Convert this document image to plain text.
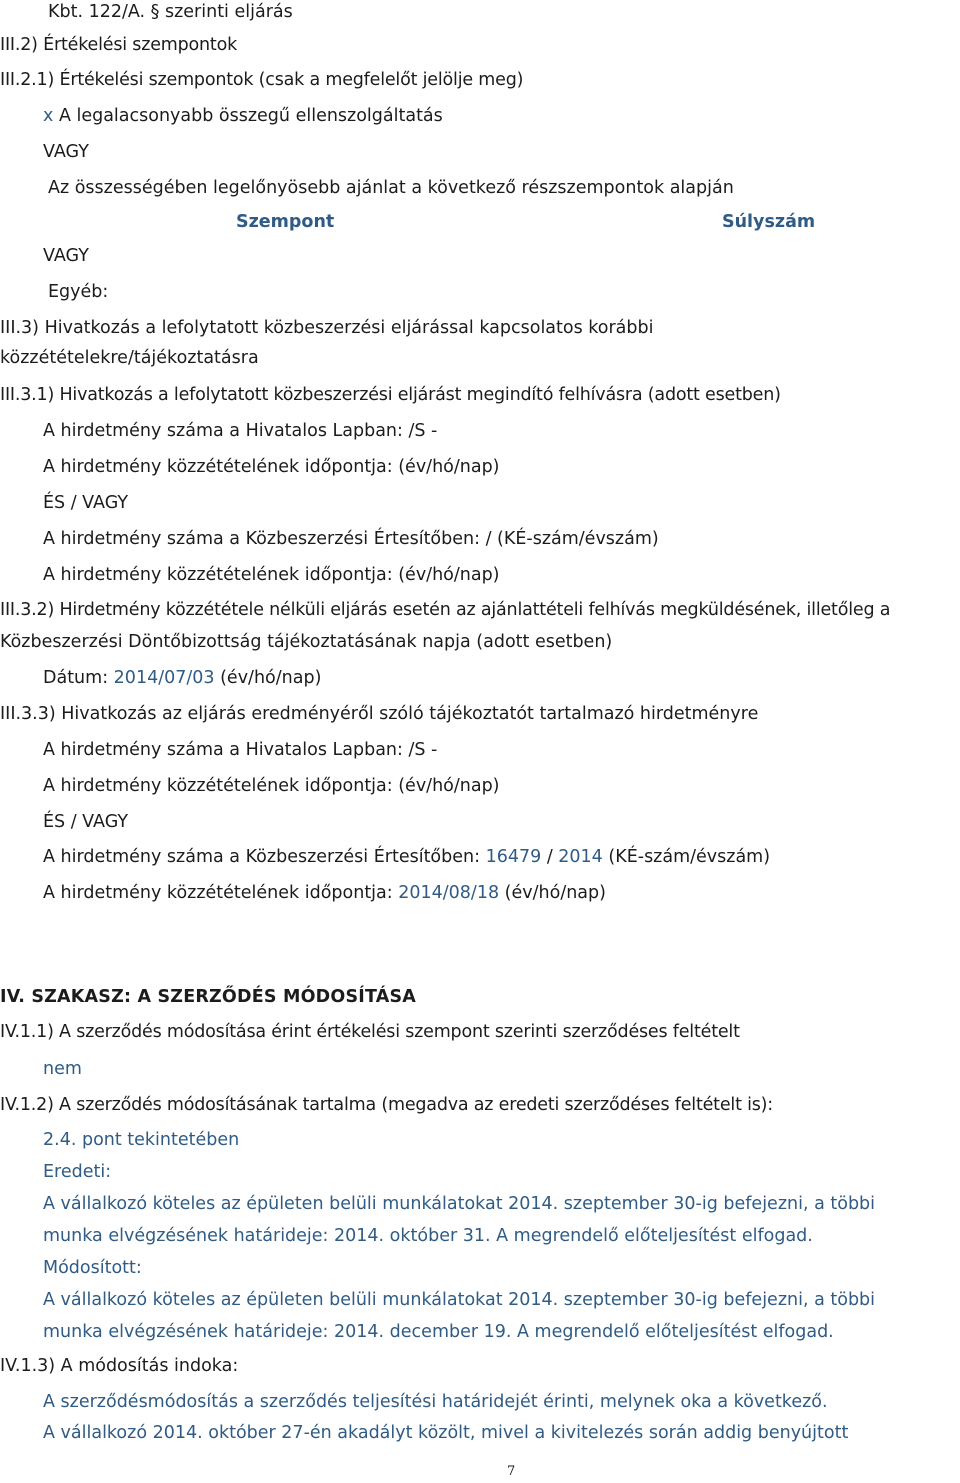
Kbt. 122/A. § szerinti eljárás
III.2) Értékelési szempontok
III.2.1) Értékelési szempontok (csak a megfelelőt jelölje meg)
x A legalacsonyabb összegű ellenszolgáltatás
VAGY
Az összességében legelőnyösebb ajánlat a következő részszempontok alapján
Szempont	Súlyszám
VAGY
Egyéb:
III.3) Hivatkozás a lefolytatott közbeszerzési eljárással kapcsolatos korábbi
közzétételekre/tájékoztatásra
III.3.1) Hivatkozás a lefolytatott közbeszerzési eljárást megindító felhívásra (adott esetben)
A hirdetmény száma a Hivatalos Lapban: /S -
A hirdetmény közzétételének időpontja: (év/hó/nap)
ÉS / VAGY
A hirdetmény száma a Közbeszerzési Értesítőben: / (KÉ-szám/évszám)
A hirdetmény közzétételének időpontja: (év/hó/nap)
III.3.2) Hirdetmény közzététele nélküli eljárás esetén az ajánlattételi felhívás megküldésének, illetőleg a
Közbeszerzési Döntőbizottság tájékoztatásának napja (adott esetben)
Dátum: 2014/07/03 (év/hó/nap)
III.3.3) Hivatkozás az eljárás eredményéről szóló tájékoztatót tartalmazó hirdetményre
A hirdetmény száma a Hivatalos Lapban: /S -
A hirdetmény közzétételének időpontja: (év/hó/nap)
ÉS / VAGY
A hirdetmény száma a Közbeszerzési Értesítőben: 16479 / 2014 (KÉ-szám/évszám)
A hirdetmény közzétételének időpontja: 2014/08/18 (év/hó/nap)
IV. SZAKASZ: A SZERZŐDÉS MÓDOSÍTÁSA
IV.1.1) A szerződés módosítása érint értékelési szempont szerinti szerződéses feltételt
nem
IV.1.2) A szerződés módosításának tartalma (megadva az eredeti szerződéses feltételt is):
2.4. pont tekintetében
Eredeti:
A vállalkozó köteles az épületen belüli munkálatokat 2014. szeptember 30-ig befejezni, a többi
munka elvégzésének határideje: 2014. október 31. A megrendelő előteljesítést elfogad.
Módosított:
A vállalkozó köteles az épületen belüli munkálatokat 2014. szeptember 30-ig befejezni, a többi
munka elvégzésének határideje: 2014. december 19. A megrendelő előteljesítést elfogad.
IV.1.3) A módosítás indoka:
A szerződésmódosítás a szerződés teljesítési határidejét érinti, melynek oka a következő.
A vállalkozó 2014. október 27-én akadályt közölt, mivel a kivitelezés során addig benyújtott
7
